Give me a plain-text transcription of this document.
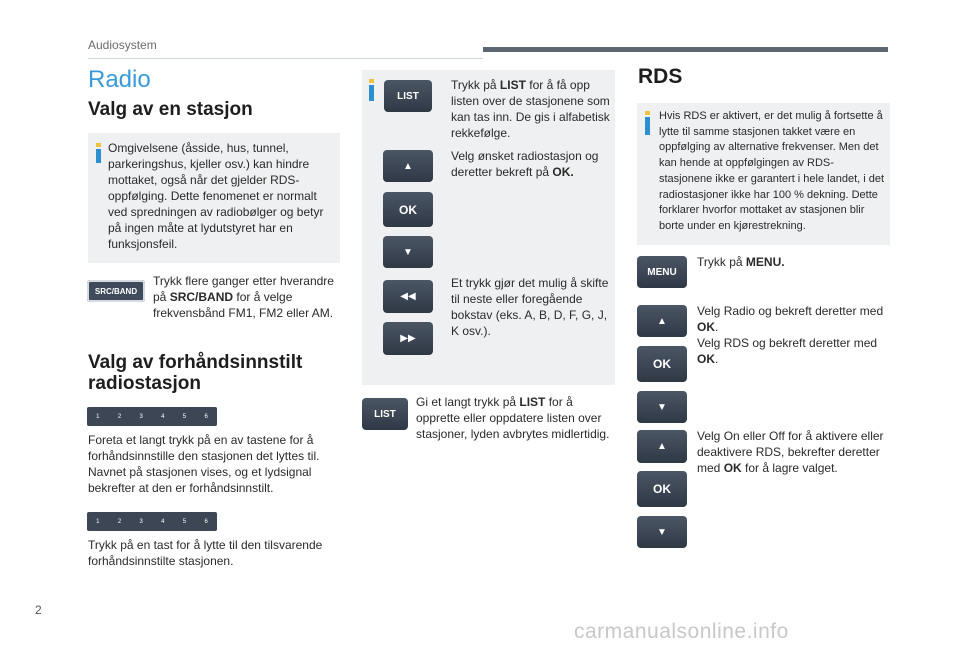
Audiosystem
Radio
Valg av en stasjon
Omgivelsene (åsside, hus, tunnel, parkeringshus, kjeller osv.) kan hindre mottaket, også når det gjelder RDS-oppfølging. Dette fenomenet er normalt ved spredningen av radiobølger og betyr på ingen måte at lydutstyret har en funksjonsfeil.
SRC/BAND
Trykk flere ganger etter hverandre på SRC/BAND for å velge frekvensbånd FM1, FM2 eller AM.
Valg av forhåndsinnstilt radiostasjon
1	2	3	4	5	6
Foreta et langt trykk på en av tastene for å forhåndsinnstille den stasjonen det lyttes til. Navnet på stasjonen vises, og et lydsignal bekrefter at den er forhåndsinnstilt.
1	2	3	4	5	6
Trykk på en tast for å lytte til den tilsvarende forhåndsinnstilte stasjonen.
LIST
Trykk på LIST for å få opp listen over de stasjonene som kan tas inn. De gis i alfabetisk rekkefølge.
▲
OK
▼
Velg ønsket radiostasjon og deretter bekreft på OK.
◀◀
▶▶
Et trykk gjør det mulig å skifte til neste eller foregående bokstav (eks. A, B, D, F, G, J, K osv.).
LIST
Gi et langt trykk på LIST for å opprette eller oppdatere listen over stasjoner, lyden avbrytes midlertidig.
RDS
Hvis RDS er aktivert, er det mulig å fortsette å lytte til samme stasjonen takket være en oppfølging av alternative frekvenser. Men det kan hende at oppfølgingen av RDS-stasjonene ikke er garantert i hele landet, i det radiostasjoner ikke har 100 % dekning. Dette forklarer hvorfor mottaket av stasjonen blir borte under en kjørestrekning.
MENU
Trykk på MENU.
▲
OK
▼
Velg Radio og bekreft deretter med OK.
Velg RDS og bekreft deretter med OK.
▲
OK
▼
Velg On eller Off for å aktivere eller deaktivere RDS, bekrefter deretter med OK for å lagre valget.
2
carmanualsonline.info
